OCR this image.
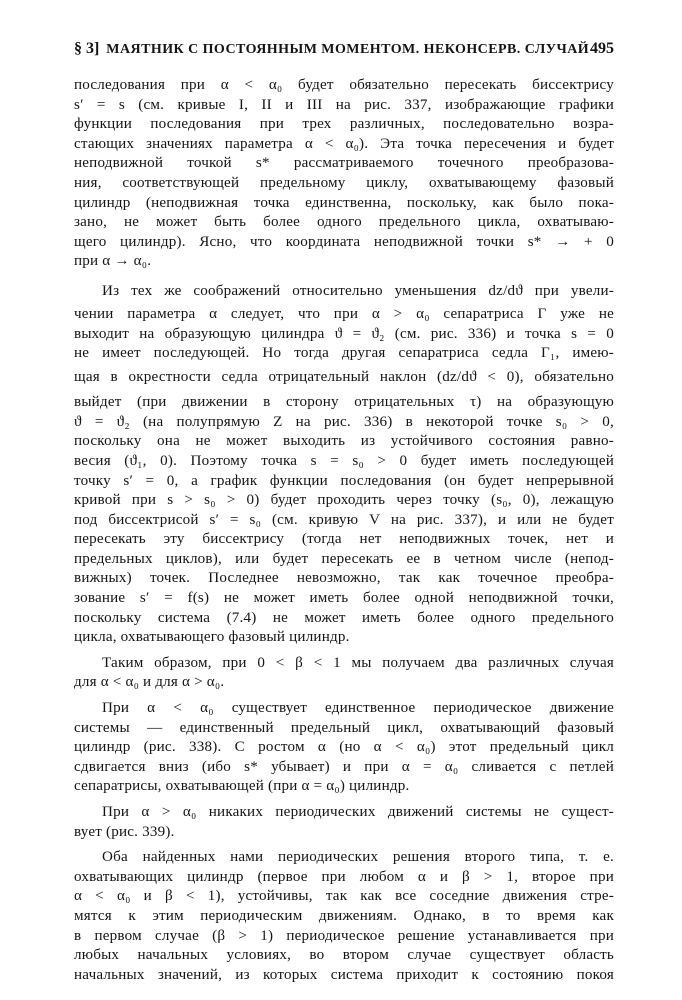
§ 3] МАЯТНИК С ПОСТОЯННЫМ МОМЕНТОМ. НЕКОНСЕРВ. СЛУЧАЙ 495
последования при α < α₀ будет обязательно пересекать биссектрису
s′ = s (см. кривые I, II и III на рис. 337, изображающие графики
функции последования при трех различных, последовательно возра-
стающих значениях параметра α < α₀). Эта точка пересечения и будет
неподвижной точкой s* рассматриваемого точечного преобразова-
ния, соответствующей предельному циклу, охватывающему фазовый
цилиндр (неподвижная точка единственна, поскольку, как было пока-
зано, не может быть более одного предельного цикла, охватываю-
щего цилиндр). Ясно, что координата неподвижной точки s* → + 0
при α → α₀.
Из тех же соображений относительно уменьшения dz/dϑ при увели-
чении параметра α следует, что при α > α₀ сепаратриса Γ уже не
выходит на образующую цилиндра ϑ = ϑ₂ (см. рис. 336) и точка s = 0
не имеет последующей. Но тогда другая сепаратриса седла Γ₁, имею-
щая в окрестности седла отрицательный наклон (dz/dϑ < 0), обязательно
выйдет (при движении в сторону отрицательных τ) на образующую
ϑ = ϑ₂ (на полупрямую Z на рис. 336) в некоторой точке s₀ > 0,
поскольку она не может выходить из устойчивого состояния равно-
весия (ϑ₁, 0). Поэтому точка s = s₀ > 0 будет иметь последующей
точку s′ = 0, а график функции последования (он будет непрерывной
кривой при s > s₀ > 0) будет проходить через точку (s₀, 0), лежащую
под биссектрисой s′ = s₀ (см. кривую V на рис. 337), и или не будет
пересекать эту биссектрису (тогда нет неподвижных точек, нет и
предельных циклов), или будет пересекать ее в четном числе (непод-
вижных) точек. Последнее невозможно, так как точечное преобра-
зование s′ = f(s) не может иметь более одной неподвижной точки,
поскольку система (7.4) не может иметь более одного предельного
цикла, охватывающего фазовый цилиндр.
Таким образом, при 0 < β < 1 мы получаем два различных случая
для α < α₀ и для α > α₀.
При α < α₀ существует единственное периодическое движение
системы — единственный предельный цикл, охватывающий фазовый
цилиндр (рис. 338). С ростом α (но α < α₀) этот предельный цикл
сдвигается вниз (ибо s* убывает) и при α = α₀ сливается с петлей
сепаратрисы, охватывающей (при α = α₀) цилиндр.
При α > α₀ никаких периодических движений системы не сущест-
вует (рис. 339).
Оба найденных нами периодических решения второго типа, т. е.
охватывающих цилиндр (первое при любом α и β > 1, второе при
α < α₀ и β < 1), устойчивы, так как все соседние движения стре-
мятся к этим периодическим движениям. Однако, в то время как
в первом случае (β > 1) периодическое решение устанавливается при
любых начальных условиях, во втором случае существует область
начальных значений, из которых система приходит к состоянию покоя
